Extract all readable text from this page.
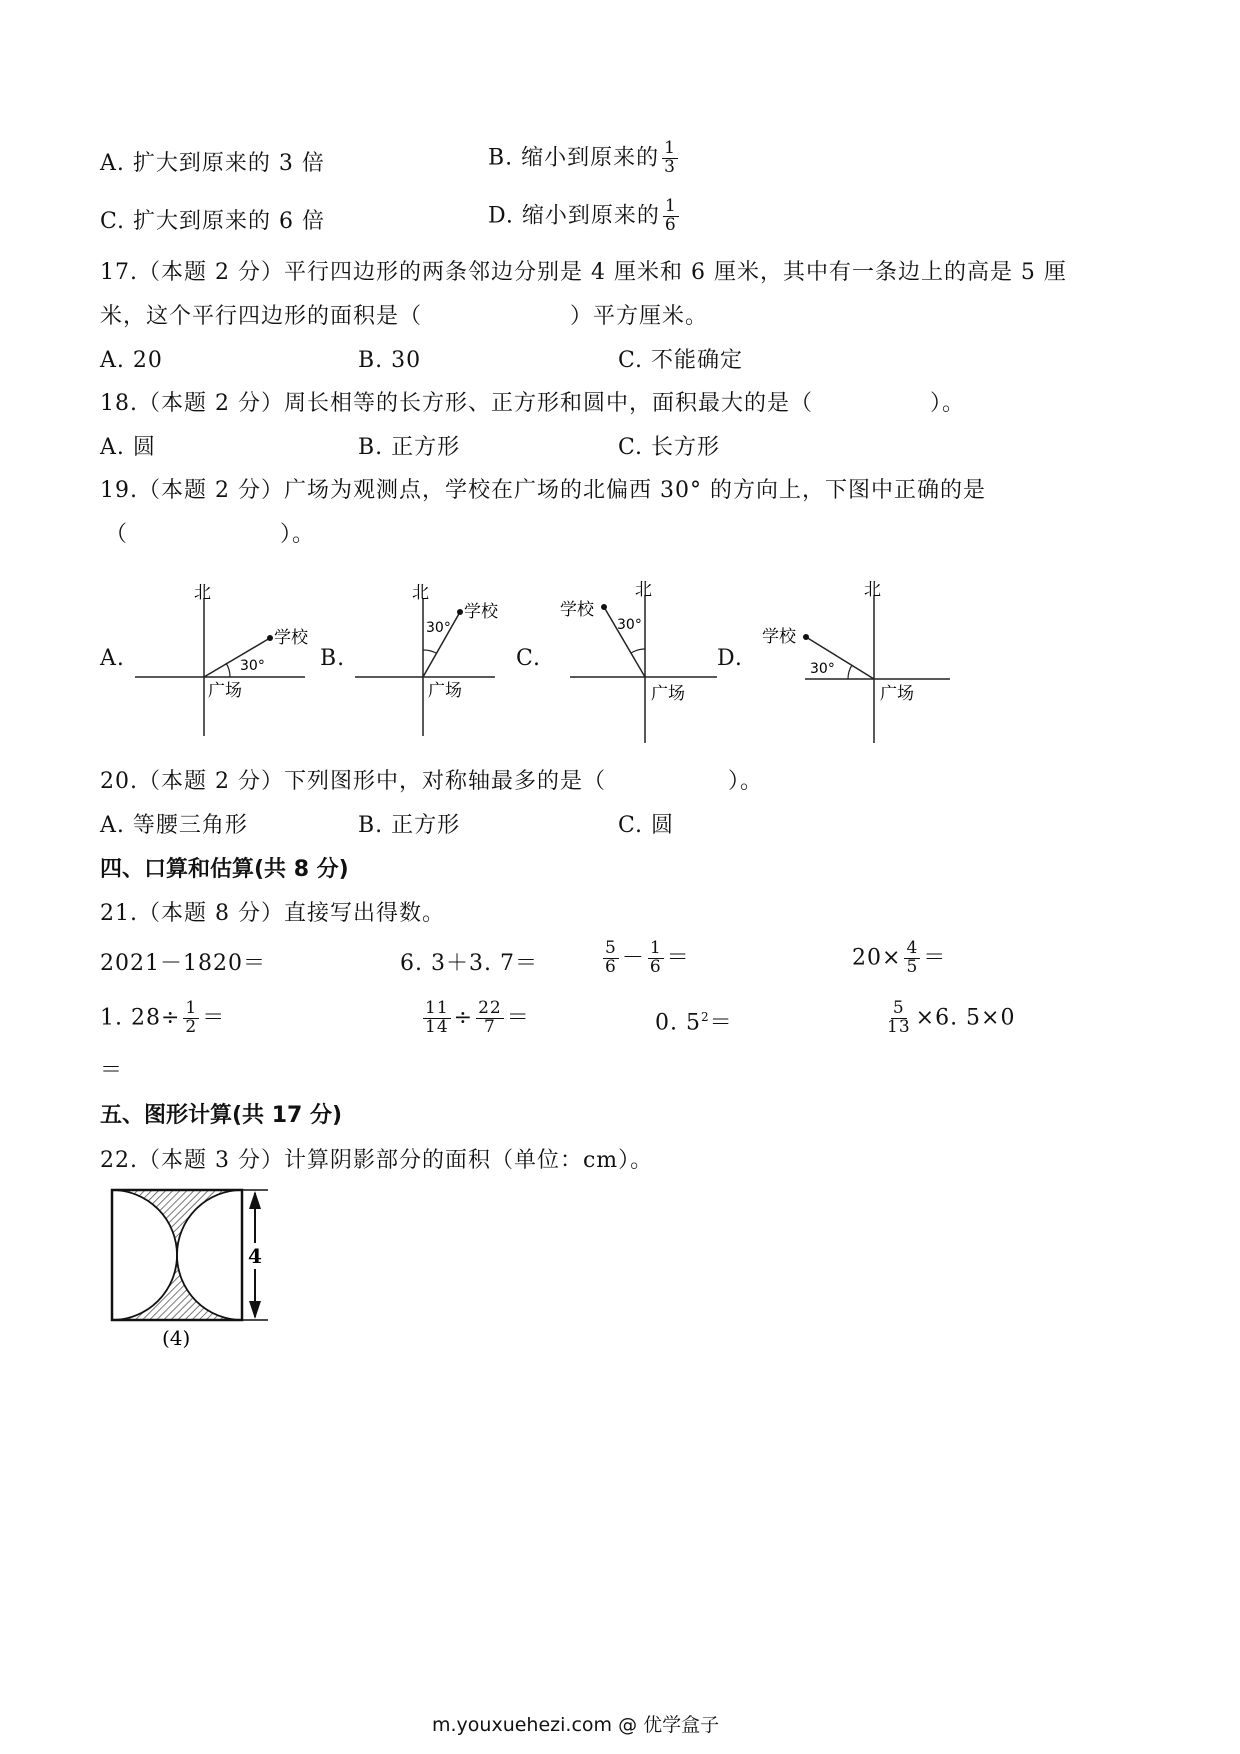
A. 扩大到原来的 3 倍	B. 缩小到原来的 $\frac{1}{3}$
C. 扩大到原来的 6 倍	D. 缩小到原来的 $\frac{1}{6}$
17.（本题 2 分）平行四边形的两条邻边分别是 4 厘米和 6 厘米，其中有一条边上的高是 5 厘
米，这个平行四边形的面积是（	）平方厘米。
A. 20	B. 30	C. 不能确定
18.（本题 2 分）周长相等的长方形、正方形和圆中，面积最大的是（	）。
A. 圆	B. 正方形	C. 长方形
19.（本题 2 分）广场为观测点，学校在广场的北偏西 30° 的方向上，下图中正确的是
（	）。
A.
北
学校
30°
广场
B.
北
学校
30°
广场
C.
北
学校
30°
广场
D.
北
学校
30°
广场
20.（本题 2 分）下列图形中，对称轴最多的是（	）。
A. 等腰三角形	B. 正方形	C. 圆
四、口算和估算(共 8 分)
21.（本题 8 分）直接写出得数。
2021－1820＝	6. 3＋3. 7＝	$\frac{5}{6} - \frac{1}{6}$ ＝	$20\times \frac{4}{5}$ ＝
1. $28\div \frac{1}{2}$ ＝	$\frac{11}{14} \div \frac{22}{7}$ ＝	0. $5^2=$	$\frac{5}{13} \times 6$. 5×0
＝
五、图形计算(共 17 分)
22.（本题 3 分）计算阴影部分的面积（单位：cm）。
4
(4)
m.youxuehezi.com @ 优学盒子
